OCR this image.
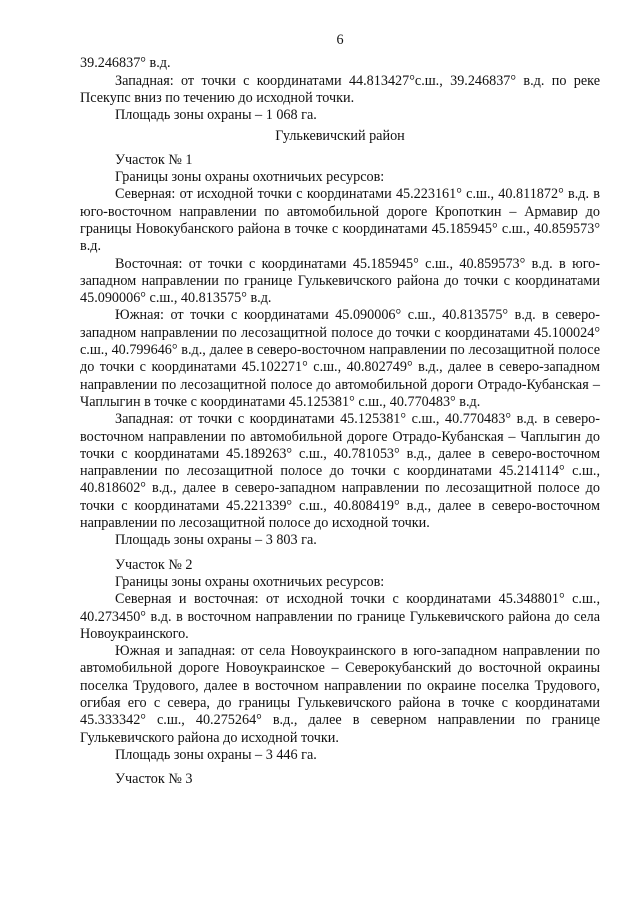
6

39.246837° в.д.

Западная: от точки с координатами 44.813427°с.ш., 39.246837° в.д. по реке Псекупс вниз по течению до исходной точки.

Площадь зоны охраны – 1 068 га.

Гулькевичский район

Участок № 1

Границы зоны охраны охотничьих ресурсов:

Северная: от исходной точки с координатами 45.223161° с.ш., 40.811872° в.д. в юго-восточном направлении по автомобильной дороге Кропоткин – Армавир до границы Новокубанского района в точке с координатами 45.185945° с.ш., 40.859573° в.д.

Восточная: от точки с координатами 45.185945° с.ш., 40.859573° в.д. в юго-западном направлении по границе Гулькевичского района до точки с координатами 45.090006° с.ш., 40.813575° в.д.

Южная: от точки с координатами 45.090006° с.ш., 40.813575° в.д. в северо-западном направлении по лесозащитной полосе до точки с координатами 45.100024° с.ш., 40.799646° в.д., далее в северо-восточном направлении по лесозащитной полосе до точки с координатами 45.102271° с.ш., 40.802749° в.д., далее в северо-западном направлении по лесозащитной полосе до автомобильной дороги Отрадо-Кубанская – Чаплыгин в точке с координатами 45.125381° с.ш., 40.770483° в.д.

Западная: от точки с координатами 45.125381° с.ш., 40.770483° в.д. в северо-восточном направлении по автомобильной дороге Отрадо-Кубанская – Чаплыгин до точки с координатами 45.189263° с.ш., 40.781053° в.д., далее в северо-восточном направлении по лесозащитной полосе до точки с координатами 45.214114° с.ш., 40.818602° в.д., далее в северо-западном направлении по лесозащитной полосе до точки с координатами 45.221339° с.ш., 40.808419° в.д., далее в северо-восточном направлении по лесозащитной полосе до исходной точки.

Площадь зоны охраны – 3 803 га.

Участок № 2

Границы зоны охраны охотничьих ресурсов:

Северная и восточная: от исходной точки с координатами 45.348801° с.ш., 40.273450° в.д. в восточном направлении по границе Гулькевичского района до села Новоукраинского.

Южная и западная: от села Новоукраинского в юго-западном направлении по автомобильной дороге Новоукраинское – Северокубанский до восточной окраины поселка Трудового, далее в восточном направлении по окраине поселка Трудового, огибая его с севера, до границы Гулькевичского района в точке с координатами 45.333342° с.ш., 40.275264° в.д., далее в северном направлении по границе Гулькевичского района до исходной точки.

Площадь зоны охраны – 3 446 га.

Участок № 3
